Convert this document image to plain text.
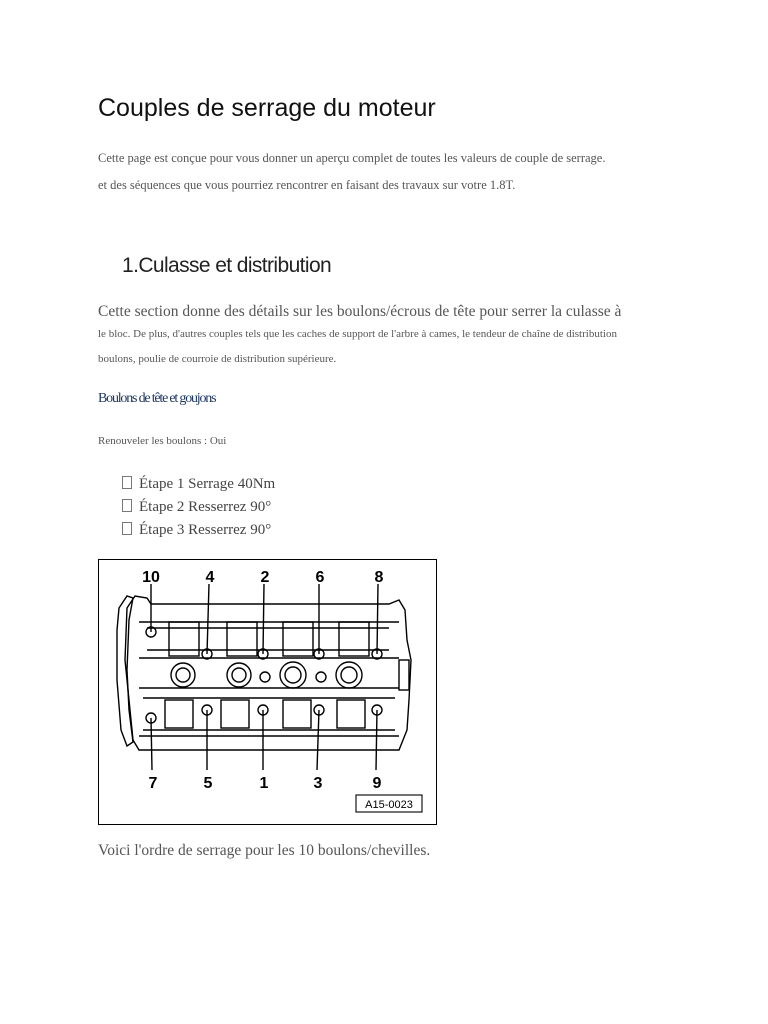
Couples de serrage du moteur
Cette page est conçue pour vous donner un aperçu complet de toutes les valeurs de couple de serrage.
et des séquences que vous pourriez rencontrer en faisant des travaux sur votre 1.8T.
1.Culasse et distribution
Cette section donne des détails sur les boulons/écrous de tête pour serrer la culasse à
le bloc. De plus, d'autres couples tels que les caches de support de l'arbre à cames, le tendeur de chaîne de distribution
boulons, poulie de courroie de distribution supérieure.
Boulons de tête et goujons
Renouveler les boulons : Oui
Étape 1 Serrage 40Nm
Étape 2 Resserrez 90°
Étape 3 Resserrez 90°
10	4	2	6	8
7	5	1	3	9
A15-0023
Voici l'ordre de serrage pour les 10 boulons/chevilles.
